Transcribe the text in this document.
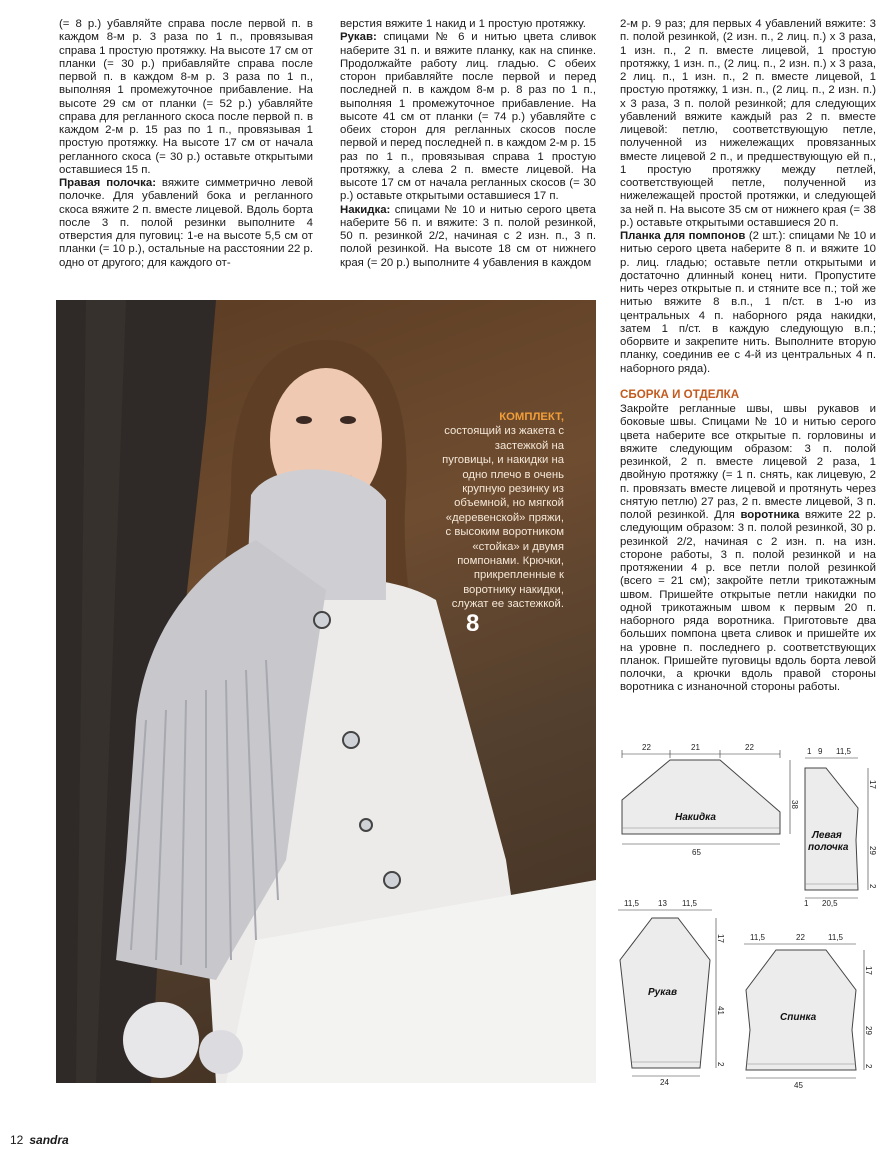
(= 8 р.) убавляйте справа после первой п. в каждом 8-м р. 3 раза по 1 п., провязывая справа 1 простую протяжку. На высоте 17 см от планки (= 30 р.) прибавляйте справа после первой п. в каждом 8-м р. 3 раза по 1 п., выполняя 1 промежуточное прибавление. На высоте 29 см от планки (= 52 р.) убавляйте справа для регланного скоса после первой п. в каждом 2-м р. 15 раз по 1 п., провязывая 1 простую протяжку. На высоте 17 см от начала регланного скоса (= 30 р.) оставьте открытыми оставшиеся 15 п.

Правая полочка: вяжите симметрично левой полочке. Для убавлений бока и регланного скоса вяжите 2 п. вместе лицевой. Вдоль борта после 3 п. полой резинки выполните 4 отверстия для пуговиц: 1-е на высоте 5,5 см от планки (= 10 р.), остальные на расстоянии 22 р. одно от другого; для каждого от-

верстия вяжите 1 накид и 1 простую протяжку.

Рукав: спицами № 6 и нитью цвета сливок наберите 31 п. и вяжите планку, как на спинке. Продолжайте работу лиц. гладью. С обеих сторон прибавляйте после первой и перед последней п. в каждом 8-м р. 8 раз по 1 п., выполняя 1 промежуточное прибавление. На высоте 41 см от планки (= 74 р.) убавляйте с обеих сторон для регланных скосов после первой и перед последней п. в каждом 2-м р. 15 раз по 1 п., провязывая справа 1 простую протяжку, а слева 2 п. вместе лицевой. На высоте 17 см от начала регланных скосов (= 30 р.) оставьте открытыми оставшиеся 17 п.

Накидка: спицами № 10 и нитью серого цвета наберите 56 п. и вяжите: 3 п. полой резинкой, 50 п. резинкой 2/2, начиная с 2 изн. п., 3 п. полой резинкой. На высоте 18 см от нижнего края (= 20 р.) выполните 4 убавления в каждом

2-м р. 9 раз; для первых 4 убавлений вяжите: 3 п. полой резинкой, (2 изн. п., 2 лиц. п.) х 3 раза, 1 изн. п., 2 п. вместе лицевой, 1 простую протяжку, 1 изн. п., (2 лиц. п., 2 изн. п.) х 3 раза, 2 лиц. п., 1 изн. п., 2 п. вместе лицевой, 1 простую протяжку, 1 изн. п., (2 лиц. п., 2 изн. п.) х 3 раза, 3 п. полой резинкой; для следующих убавлений вяжите каждый раз 2 п. вместе лицевой: петлю, соответствующую петле, полученной из нижележащих провязанных вместе лицевой 2 п., и предшествующую ей п., 1 простую протяжку между петлей, соответствующей петле, полученной из нижележащей простой протяжки, и следующей за ней п. На высоте 35 см от нижнего края (= 38 р.) оставьте открытыми оставшиеся 20 п.

Планка для помпонов (2 шт.): спицами № 10 и нитью серого цвета наберите 8 п. и вяжите 10 р. лиц. гладью; оставьте петли открытыми и достаточно длинный конец нити. Пропустите нить через открытые п. и стяните все п.; той же нитью вяжите 8 в.п., 1 п/ст. в 1-ю из центральных 4 п. наборного ряда накидки, затем 1 п/ст. в каждую следующую в.п.; оборвите и закрепите нить. Выполните вторую планку, соединив ее с 4-й из центральных 4 п. наборного ряда).

СБОРКА И ОТДЕЛКА

Закройте регланные швы, швы рукавов и боковые швы. Спицами № 10 и нитью серого цвета наберите все открытые п. горловины и вяжите следующим образом: 3 п. полой резинкой, 2 п. вместе лицевой 2 раза, 1 двойную протяжку (= 1 п. снять, как лицевую, 2 п. провязать вместе лицевой и протянуть через снятую петлю) 27 раз, 2 п. вместе лицевой, 3 п. полой резинкой. Для воротника вяжите 22 р. следующим образом: 3 п. полой резинкой, 30 р. резинкой 2/2, начиная с 2 изн. п. на изн. стороне работы, 3 п. полой резинкой и на протяжении 4 р. все петли полой резинкой (всего = 21 см); закройте петли трикотажным швом. Пришейте открытые петли накидки по одной трикотажным швом к первым 20 п. наборного ряда воротника. Приготовьте два больших помпона цвета сливок и пришейте их на уровне п. последнего р. соответствующих планок. Пришейте пуговицы вдоль борта левой полочки, а крючки вдоль правой стороны воротника с изнаночной стороны работы.

КОМПЛЕКТ, состоящий из жакета с застежкой на пуговицы, и накидки на одно плечо в очень крупную резинку из объемной, но мягкой «деревенской» пряжи, с высоким воротником «стойка» и двумя помпонами. Крючки, прикрепленные к воротнику накидки, служат ее застежкой.
8
22	21	22
Накидка
38
65
1 9 11,5
Левая
полочка
17
29
2
1 20,5
11,5 13 11,5
Рукав
17
41
2
24
11,5	22	11,5
Спинка
17
29
2
45
12 sandra
